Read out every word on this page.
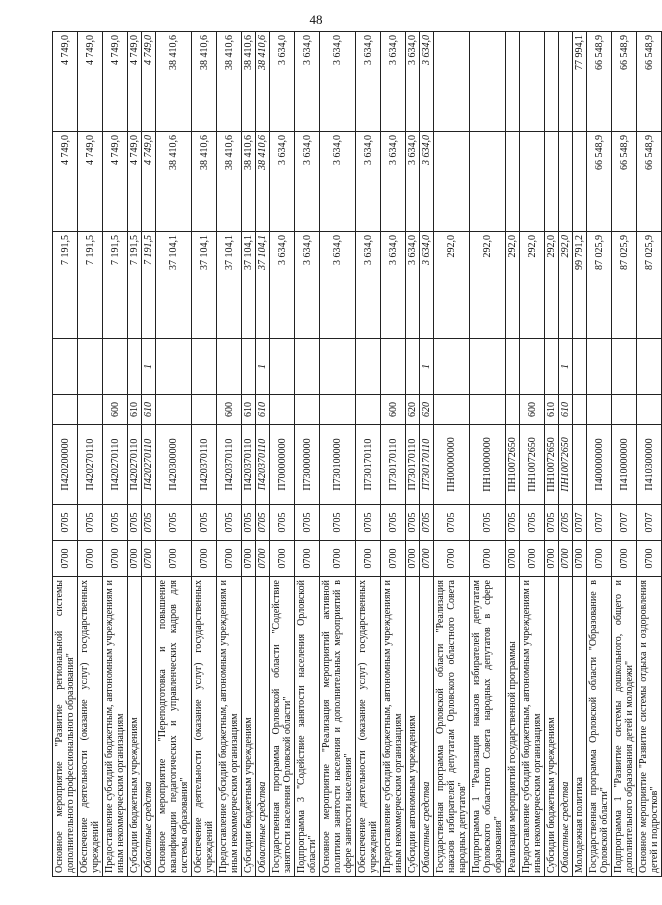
48
Основное мероприятие "Развитие региональной системы дополнительного профессионального образования"	0700	0705	П420200000			7 191,5	4 749,0	4 749,0
Обеспечение деятельности (оказание услуг) государственных учреждений	0700	0705	П420270110			7 191,5	4 749,0	4 749,0
Предоставление субсидий бюджетным, автономным учреждениям и иным некоммерческим организациям	0700	0705	П420270110	600		7 191,5	4 749,0	4 749,0
Субсидии бюджетным учреждениям	0700	0705	П420270110	610		7 191,5	4 749,0	4 749,0
Областные средства	0700	0705	П420270110	610	1	7 191,5	4 749,0	4 749,0
Основное мероприятие "Переподготовка и повышение квалификации педагогических и управленческих кадров для системы образования"	0700	0705	П420300000			37 104,1	38 410,6	38 410,6
Обеспечение деятельности (оказание услуг) государственных учреждений	0700	0705	П420370110			37 104,1	38 410,6	38 410,6
Предоставление субсидий бюджетным, автономным учреждениям и иным некоммерческим организациям	0700	0705	П420370110	600		37 104,1	38 410,6	38 410,6
Субсидии бюджетным учреждениям	0700	0705	П420370110	610		37 104,1	38 410,6	38 410,6
Областные средства	0700	0705	П420370110	610	1	37 104,1	38 410,6	38 410,6
Государственная программа Орловской области "Содействие занятости населения Орловской области"	0700	0705	П700000000			3 634,0	3 634,0	3 634,0
Подпрограмма 3 "Содействие занятости населения Орловской области"	0700	0705	П730000000			3 634,0	3 634,0	3 634,0
Основное мероприятие "Реализация мероприятий активной политики занятости населения и дополнительных мероприятий в сфере занятости населения"	0700	0705	П730100000			3 634,0	3 634,0	3 634,0
Обеспечение деятельности (оказание услуг) государственных учреждений	0700	0705	П730170110			3 634,0	3 634,0	3 634,0
Предоставление субсидий бюджетным, автономным учреждениям и иным некоммерческим организациям	0700	0705	П730170110	600		3 634,0	3 634,0	3 634,0
Субсидии автономным учреждениям	0700	0705	П730170110	620		3 634,0	3 634,0	3 634,0
Областные средства	0700	0705	П730170110	620	1	3 634,0	3 634,0	3 634,0
Государственная программа Орловской области "Реализация наказов избирателей депутатам Орловского областного Совета народных депутатов"	0700	0705	ПН00000000			292,0		
Подпрограмма 1 "Реализация наказов избирателей депутатам Орловского областного Совета народных депутатов в сфере образования"	0700	0705	ПН10000000			292,0		
Реализация мероприятий государственной программы	0700	0705	ПН10072650			292,0		
Предоставление субсидий бюджетным, автономным учреждениям и иным некоммерческим организациям	0700	0705	ПН10072650	600		292,0		
Субсидии бюджетным учреждениям	0700	0705	ПН10072650	610		292,0		
Областные средства	0700	0705	ПН10072650	610	1	292,0		
Молодежная политика	0700	0707				99 791,2		77 994,1
Государственная программа Орловской области "Образование в Орловской области"	0700	0707	П400000000			87 025,9	66 548,9	66 548,9
Подпрограмма 1 "Развитие системы дошкольного, общего и дополнительного образования детей и молодежи"	0700	0707	П410000000			87 025,9	66 548,9	66 548,9
Основное мероприятие "Развитие системы отдыха и оздоровления детей и подростков"	0700	0707	П410300000			87 025,9	66 548,9	66 548,9
